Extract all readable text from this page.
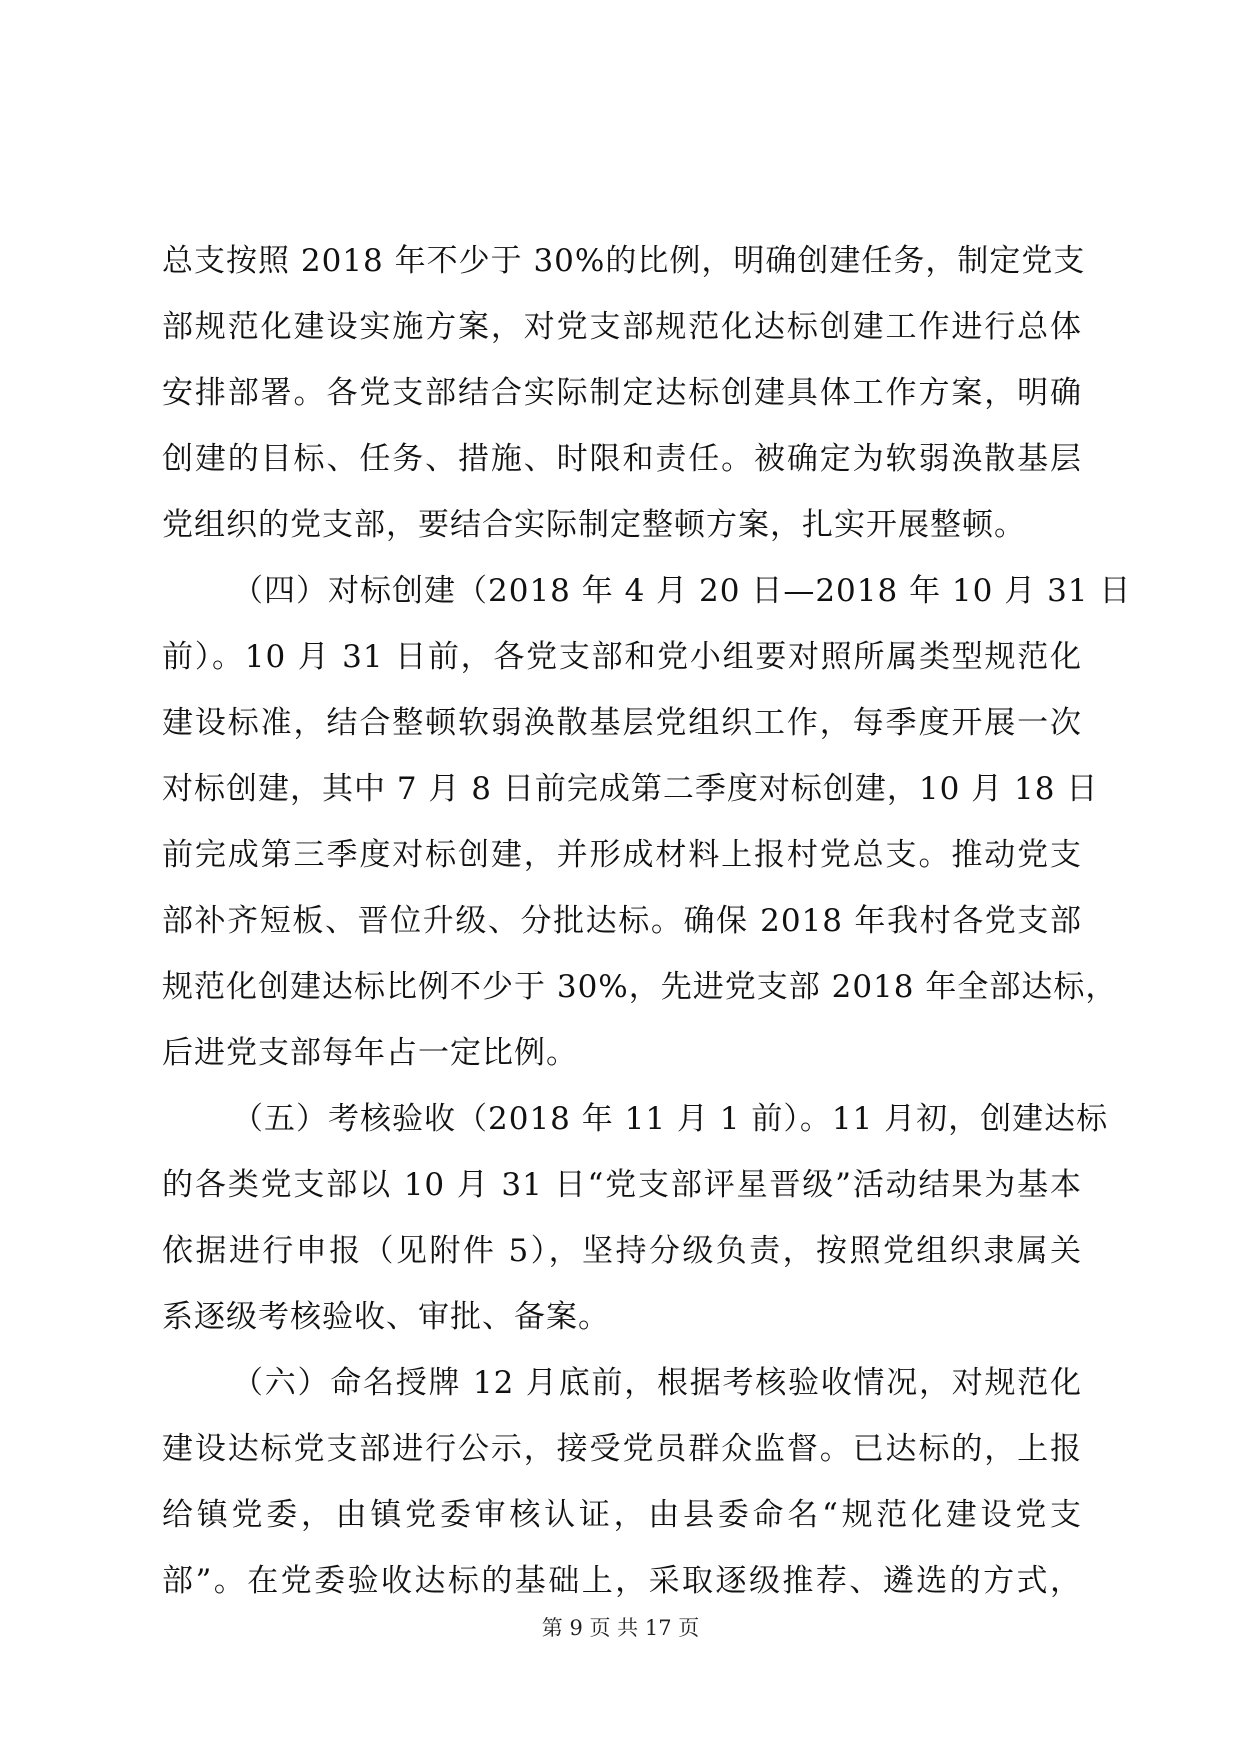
总支按照 2018 年不少于 30%的比例，明确创建任务，制定党支
部规范化建设实施方案，对党支部规范化达标创建工作进行总体
安排部署。各党支部结合实际制定达标创建具体工作方案，明确
创建的目标、任务、措施、时限和责任。被确定为软弱涣散基层
党组织的党支部，要结合实际制定整顿方案，扎实开展整顿。
（四）对标创建（2018 年 4 月 20 日—2018 年 10 月 31 日
前）。10 月 31 日前，各党支部和党小组要对照所属类型规范化
建设标准，结合整顿软弱涣散基层党组织工作，每季度开展一次
对标创建，其中 7 月 8 日前完成第二季度对标创建，10 月 18 日
前完成第三季度对标创建，并形成材料上报村党总支。推动党支
部补齐短板、晋位升级、分批达标。确保 2018 年我村各党支部
规范化创建达标比例不少于 30%，先进党支部 2018 年全部达标，
后进党支部每年占一定比例。
（五）考核验收（2018 年 11 月 1 前）。11 月初，创建达标
的各类党支部以 10 月 31 日“党支部评星晋级”活动结果为基本
依据进行申报（见附件 5），坚持分级负责，按照党组织隶属关
系逐级考核验收、审批、备案。
（六）命名授牌 12 月底前，根据考核验收情况，对规范化
建设达标党支部进行公示，接受党员群众监督。已达标的，上报
给镇党委，由镇党委审核认证，由县委命名“规范化建设党支
部”。在党委验收达标的基础上，采取逐级推荐、遴选的方式，
第 9 页 共 17 页
